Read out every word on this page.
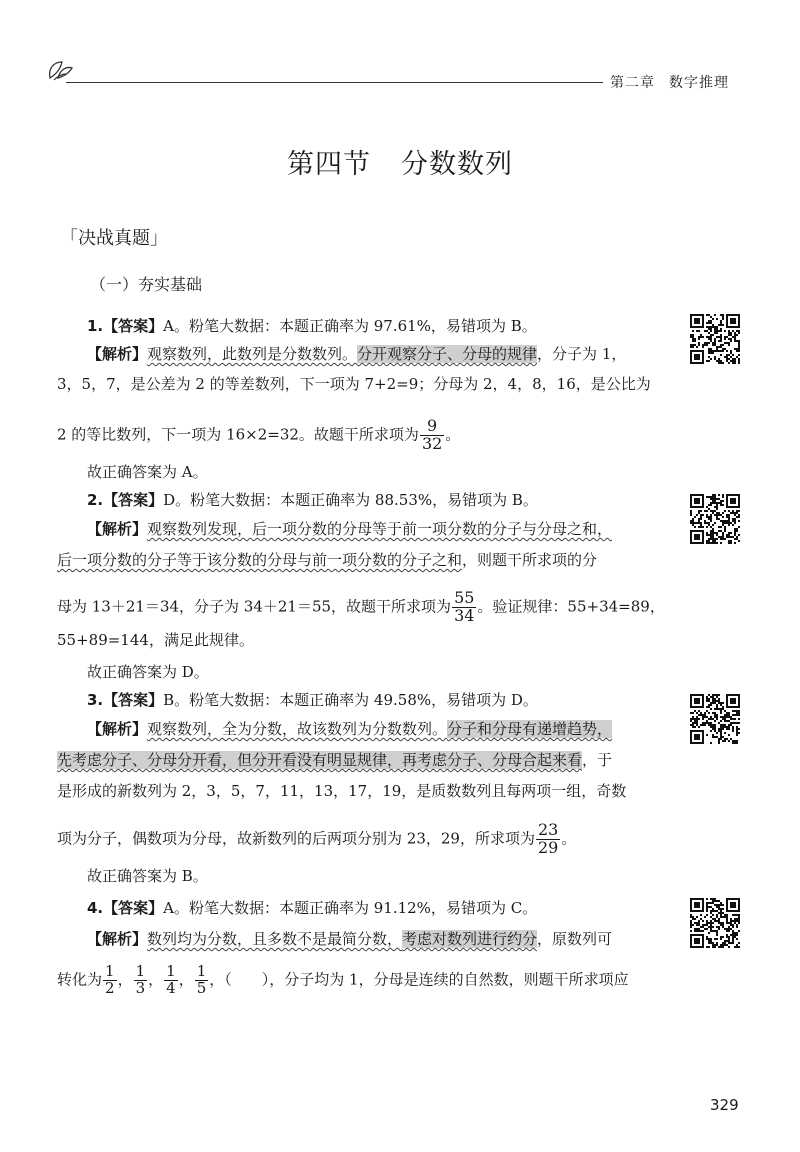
第二章 数字推理
第四节 分数数列
「决战真题」
（一）夯实基础
1.【答案】A。粉笔大数据：本题正确率为 97.61%，易错项为 B。
【解析】观察数列，此数列是分数数列。分开观察分子、分母的规律，分子为 1，
3，5，7，是公差为 2 的等差数列，下一项为 7+2=9；分母为 2，4，8，16，是公比为
2 的等比数列，下一项为 16×2=32。故题干所求项为 $\frac{9}{32}$ 。
故正确答案为 A。
2.【答案】D。粉笔大数据：本题正确率为 88.53%，易错项为 B。
【解析】观察数列发现，后一项分数的分母等于前一项分数的分子与分母之和，
后一项分数的分子等于该分数的分母与前一项分数的分子之和，则题干所求项的分
母为 13＋21＝34，分子为 34＋21＝55，故题干所求项为 $\frac{55}{34}$ 。验证规律：55+34=89，
55+89=144，满足此规律。
故正确答案为 D。
3.【答案】B。粉笔大数据：本题正确率为 49.58%，易错项为 D。
【解析】观察数列，全为分数，故该数列为分数数列。分子和分母有递增趋势，
先考虑分子、分母分开看，但分开看没有明显规律，再考虑分子、分母合起来看，于
是形成的新数列为 2，3，5，7，11，13，17，19，是质数数列且每两项一组，奇数
项为分子，偶数项为分母，故新数列的后两项分别为 23，29，所求项为 $\frac{23}{29}$ 。
故正确答案为 B。
4.【答案】A。粉笔大数据：本题正确率为 91.12%，易错项为 C。
【解析】数列均为分数，且多数不是最简分数，考虑对数列进行约分，原数列可
转化为 $\frac{1}{2}$ ， $\frac{1}{3}$ ， $\frac{1}{4}$ ， $\frac{1}{5}$ ，（　　），分子均为 1，分母是连续的自然数，则题干所求项应
329
